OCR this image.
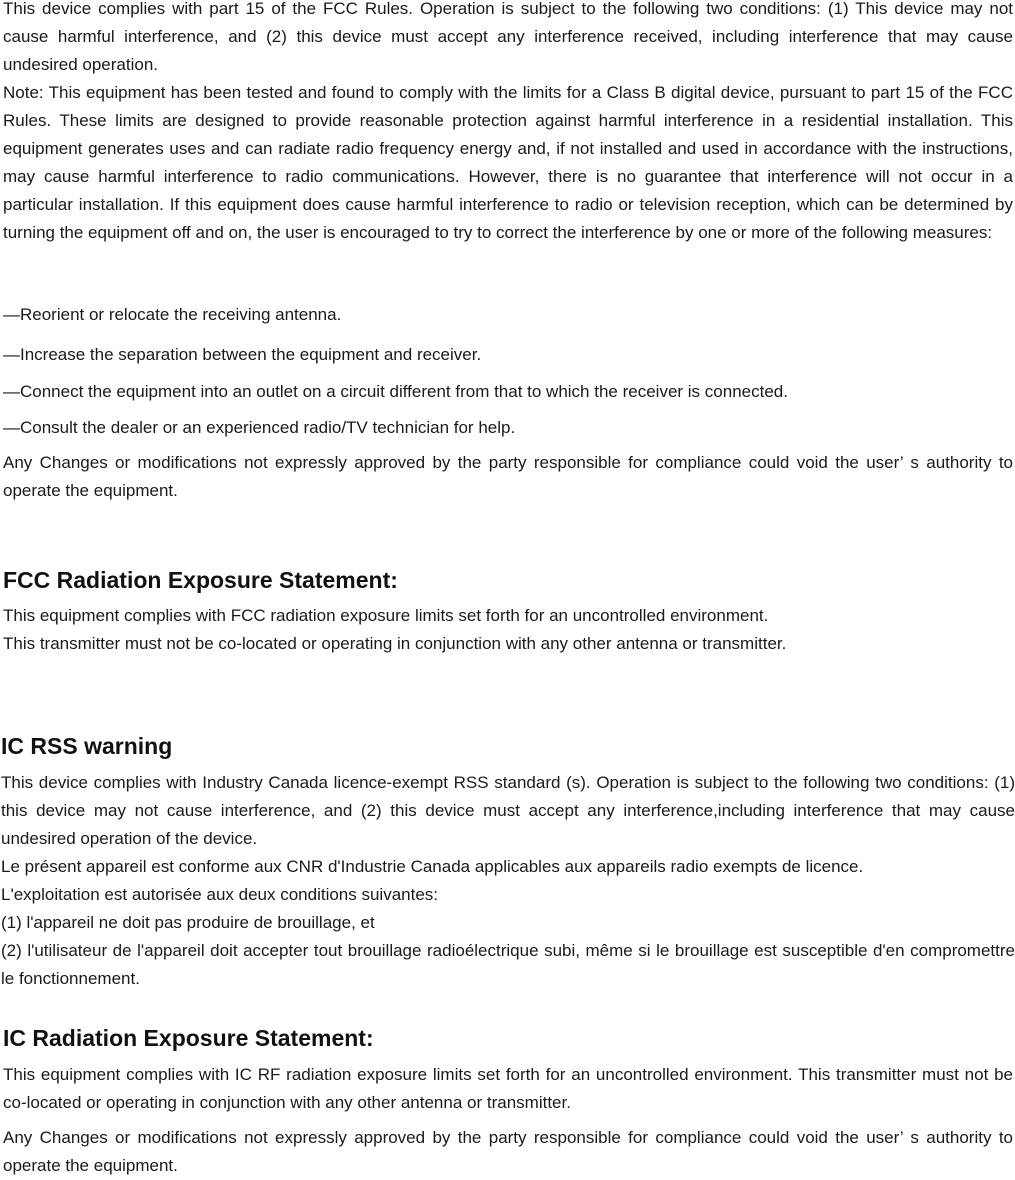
This device complies with part 15 of the FCC Rules. Operation is subject to the following two conditions: (1) This device may not cause harmful interference, and (2) this device must accept any interference received, including interference that may cause undesired operation.

Note: This equipment has been tested and found to comply with the limits for a Class B digital device, pursuant to part 15 of the FCC Rules. These limits are designed to provide reasonable protection against harmful interference in a residential installation. This equipment generates uses and can radiate radio frequency energy and, if not installed and used in accordance with the instructions, may cause harmful interference to radio communications. However, there is no guarantee that interference will not occur in a particular installation. If this equipment does cause harmful interference to radio or television reception, which can be determined by turning the equipment off and on, the user is encouraged to try to correct the interference by one or more of the following measures:

—Reorient or relocate the receiving antenna.

—Increase the separation between the equipment and receiver.

—Connect the equipment into an outlet on a circuit different from that to which the receiver is connected.

—Consult the dealer or an experienced radio/TV technician for help.

Any Changes or modifications not expressly approved by the party responsible for compliance could void the user’ s authority to operate the equipment.

FCC Radiation Exposure Statement:

This equipment complies with FCC radiation exposure limits set forth for an uncontrolled environment.

This transmitter must not be co-located or operating in conjunction with any other antenna or transmitter.

IC RSS warning

This device complies with Industry Canada licence-exempt RSS standard (s). Operation is subject to the following two conditions: (1) this device may not cause interference, and (2) this device must accept any interference,including interference that may cause undesired operation of the device.

Le présent appareil est conforme aux CNR d'Industrie Canada applicables aux appareils radio exempts de licence.

L'exploitation est autorisée aux deux conditions suivantes:

(1) l'appareil ne doit pas produire de brouillage, et

(2) l'utilisateur de l'appareil doit accepter tout brouillage radioélectrique subi, même si le brouillage est susceptible d'en compromettre le fonctionnement.

IC Radiation Exposure Statement:

This equipment complies with IC RF radiation exposure limits set forth for an uncontrolled environment. This transmitter must not be co-located or operating in conjunction with any other antenna or transmitter.

Any Changes or modifications not expressly approved by the party responsible for compliance could void the user’ s authority to operate the equipment.
